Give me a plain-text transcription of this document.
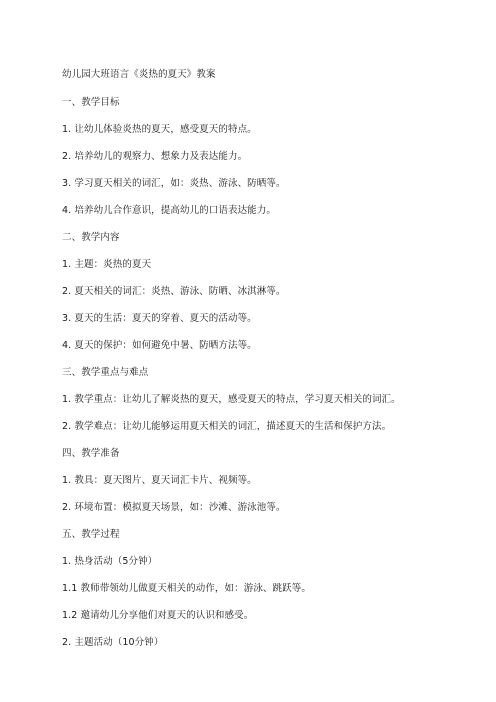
幼儿园大班语言《炎热的夏天》教案
一、教学目标
1. 让幼儿体验炎热的夏天，感受夏天的特点。
2. 培养幼儿的观察力、想象力及表达能力。
3. 学习夏天相关的词汇，如：炎热、游泳、防晒等。
4. 培养幼儿合作意识，提高幼儿的口语表达能力。
二、教学内容
1. 主题：炎热的夏天
2. 夏天相关的词汇：炎热、游泳、防晒、冰淇淋等。
3. 夏天的生活：夏天的穿着、夏天的活动等。
4. 夏天的保护：如何避免中暑、防晒方法等。
三、教学重点与难点
1. 教学重点：让幼儿了解炎热的夏天，感受夏天的特点，学习夏天相关的词汇。
2. 教学难点：让幼儿能够运用夏天相关的词汇，描述夏天的生活和保护方法。
四、教学准备
1. 教具：夏天图片、夏天词汇卡片、视频等。
2. 环境布置：模拟夏天场景，如：沙滩、游泳池等。
五、教学过程
1. 热身活动（5分钟）
1.1 教师带领幼儿做夏天相关的动作，如：游泳、跳跃等。
1.2 邀请幼儿分享他们对夏天的认识和感受。
2. 主题活动（10分钟）
